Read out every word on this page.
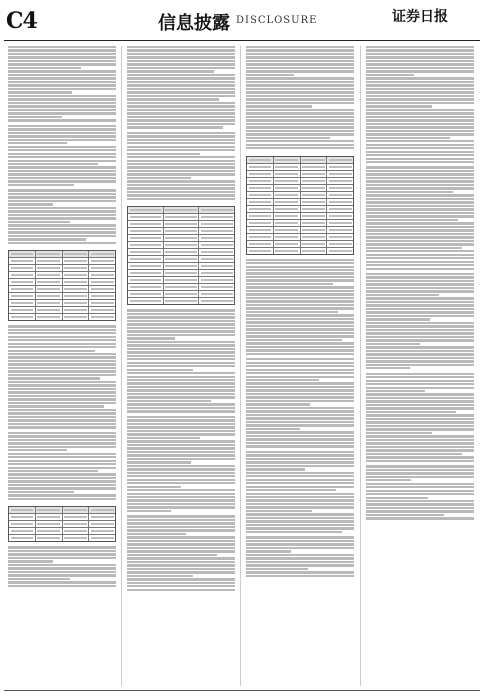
C4	信息披露 DISCLOSURE	证券日报
